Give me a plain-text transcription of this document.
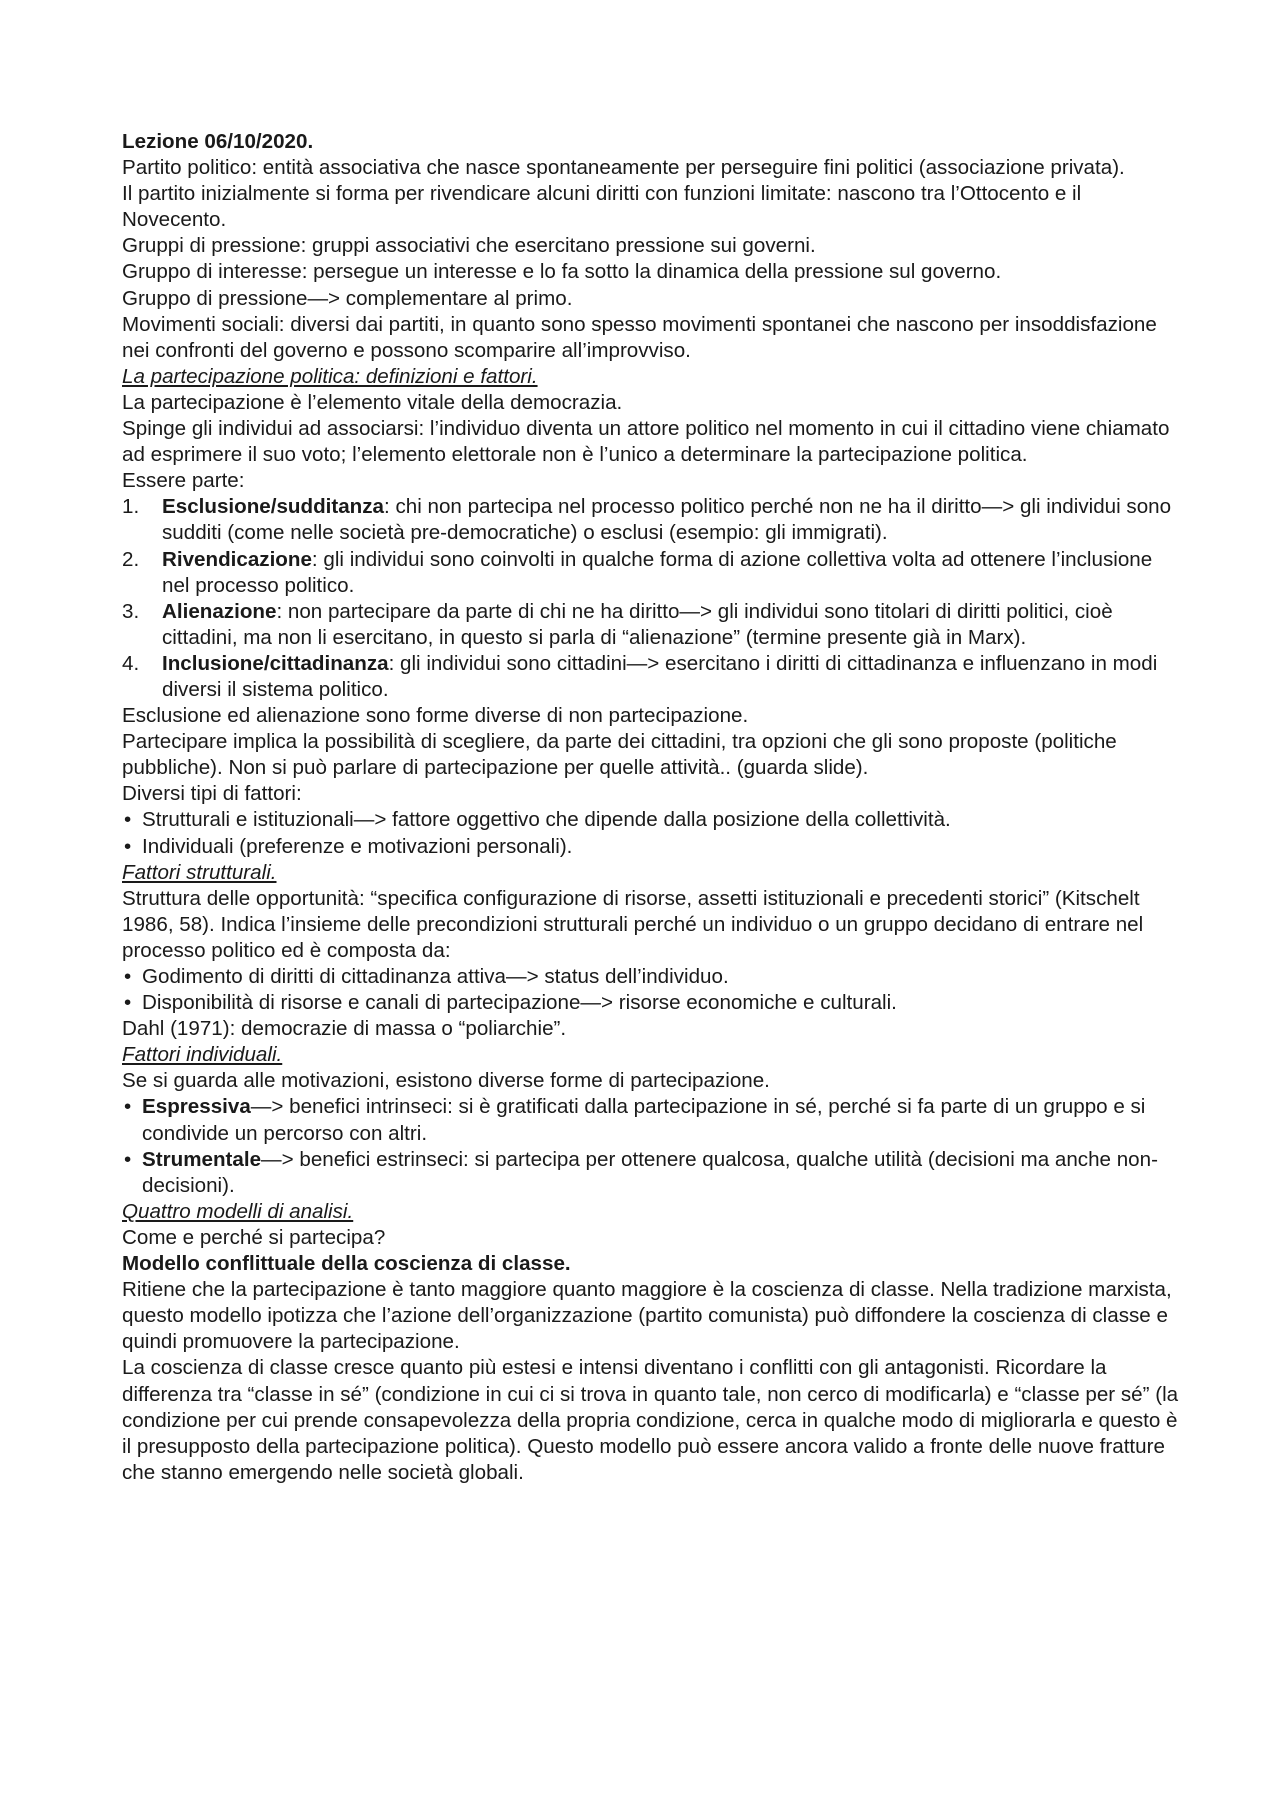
Lezione 06/10/2020.

Partito politico: entità associativa che nasce spontaneamente per perseguire fini politici (associazione privata).

Il partito inizialmente si forma per rivendicare alcuni diritti con funzioni limitate: nascono tra l’Ottocento e il Novecento.

Gruppi di pressione: gruppi associativi che esercitano pressione sui governi.

Gruppo di interesse: persegue un interesse e lo fa sotto la dinamica della pressione sul governo.

Gruppo di pressione—> complementare al primo.

Movimenti sociali: diversi dai partiti, in quanto sono spesso movimenti spontanei che nascono per insoddisfazione nei confronti del governo e possono scomparire all’improvviso.

La partecipazione politica: definizioni e fattori.

La partecipazione è l’elemento vitale della democrazia.

Spinge gli individui ad associarsi: l’individuo diventa un attore politico nel momento in cui il cittadino viene chiamato ad esprimere il suo voto; l’elemento elettorale non è l’unico a determinare la partecipazione politica.

Essere parte:

1. Esclusione/sudditanza: chi non partecipa nel processo politico perché non ne ha il diritto—> gli individui sono sudditi (come nelle società pre-democratiche) o esclusi (esempio: gli immigrati).
2. Rivendicazione: gli individui sono coinvolti in qualche forma di azione collettiva volta ad ottenere l’inclusione nel processo politico.
3. Alienazione: non partecipare da parte di chi ne ha diritto—> gli individui sono titolari di diritti politici, cioè cittadini, ma non li esercitano, in questo si parla di “alienazione” (termine presente già in Marx).
4. Inclusione/cittadinanza: gli individui sono cittadini—> esercitano i diritti di cittadinanza e influenzano in modi diversi il sistema politico.

Esclusione ed alienazione sono forme diverse di non partecipazione.

Partecipare implica la possibilità di scegliere, da parte dei cittadini, tra opzioni che gli sono proposte (politiche pubbliche). Non si può parlare di partecipazione per quelle attività.. (guarda slide).

Diversi tipi di fattori:

• Strutturali e istituzionali—> fattore oggettivo che dipende dalla posizione della collettività.
• Individuali (preferenze e motivazioni personali).

Fattori strutturali.

Struttura delle opportunità: “specifica configurazione di risorse, assetti istituzionali e precedenti storici” (Kitschelt 1986, 58). Indica l’insieme delle precondizioni strutturali perché un individuo o un gruppo decidano di entrare nel processo politico ed è composta da:

• Godimento di diritti di cittadinanza attiva—> status dell’individuo.
• Disponibilità di risorse e canali di partecipazione—> risorse economiche e culturali.

Dahl (1971): democrazie di massa o “poliarchie”.

Fattori individuali.

Se si guarda alle motivazioni, esistono diverse forme di partecipazione.

• Espressiva—> benefici intrinseci: si è gratificati dalla partecipazione in sé, perché si fa parte di un gruppo e si condivide un percorso con altri.
• Strumentale—> benefici estrinseci: si partecipa per ottenere qualcosa, qualche utilità (decisioni ma anche non-decisioni).

Quattro modelli di analisi.

Come e perché si partecipa?

Modello conflittuale della coscienza di classe.

Ritiene che la partecipazione è tanto maggiore quanto maggiore è la coscienza di classe. Nella tradizione marxista, questo modello ipotizza che l’azione dell’organizzazione (partito comunista) può diffondere la coscienza di classe e quindi promuovere la partecipazione.

La coscienza di classe cresce quanto più estesi e intensi diventano i conflitti con gli antagonisti. Ricordare la differenza tra “classe in sé” (condizione in cui ci si trova in quanto tale, non cerco di modificarla) e “classe per sé” (la condizione per cui prende consapevolezza della propria condizione, cerca in qualche modo di migliorarla e questo è il presupposto della partecipazione politica). Questo modello può essere ancora valido a fronte delle nuove fratture che stanno emergendo nelle società globali.
